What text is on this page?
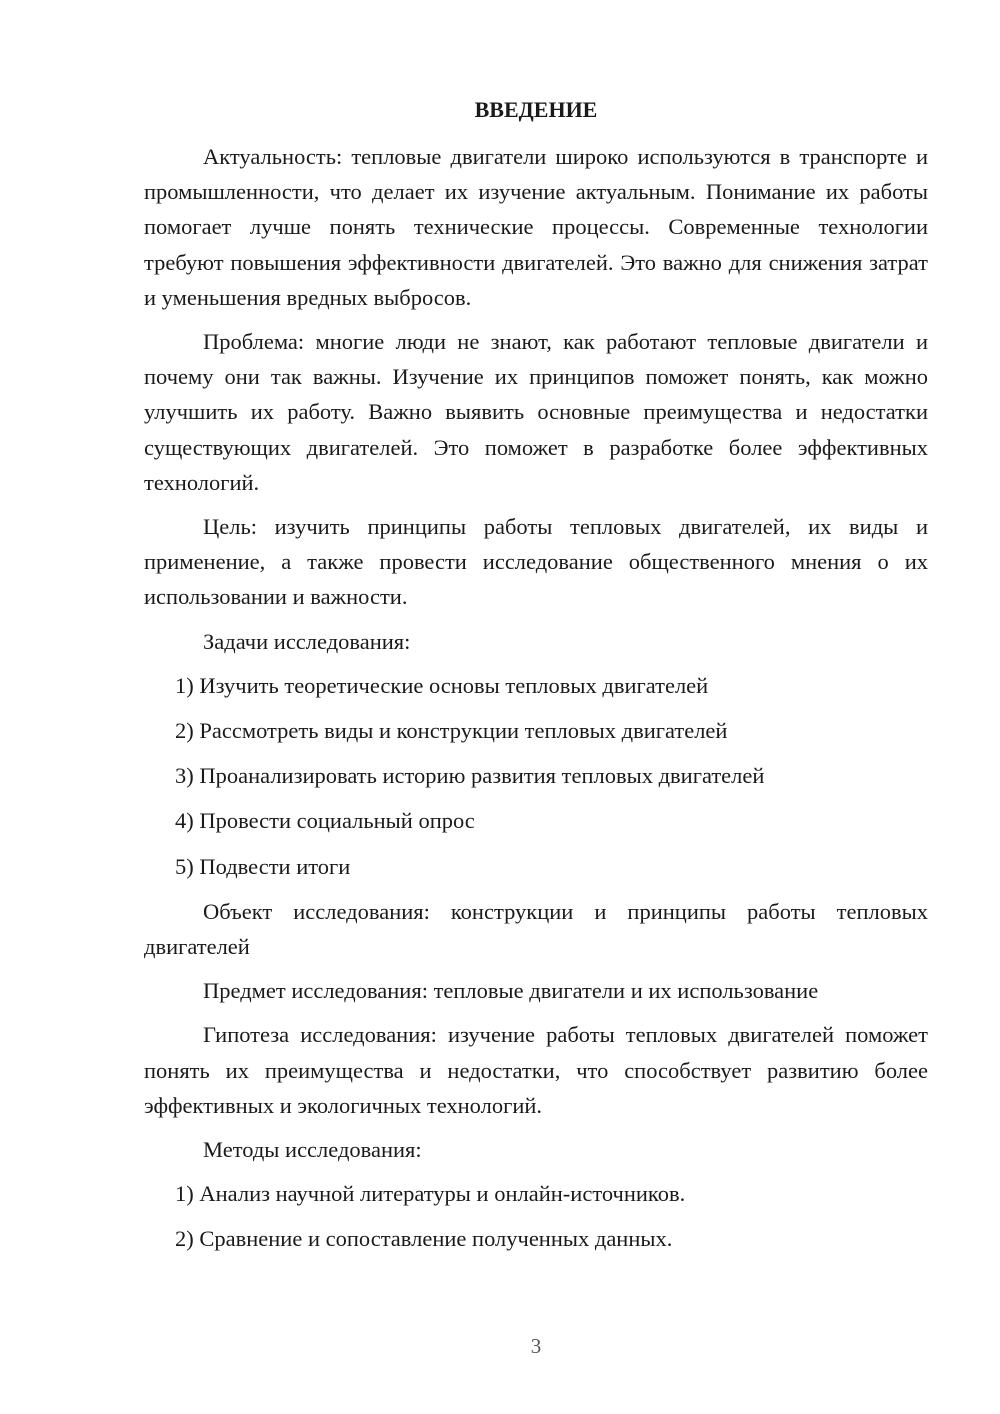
ВВЕДЕНИЕ

Актуальность: тепловые двигатели широко используются в транспорте и промышленности, что делает их изучение актуальным. Понимание их работы помогает лучше понять технические процессы. Современные технологии требуют повышения эффективности двигателей. Это важно для снижения затрат и уменьшения вредных выбросов.

Проблема: многие люди не знают, как работают тепловые двигатели и почему они так важны. Изучение их принципов поможет понять, как можно улучшить их работу. Важно выявить основные преимущества и недостатки существующих двигателей. Это поможет в разработке более эффективных технологий.

Цель: изучить принципы работы тепловых двигателей, их виды и применение, а также провести исследование общественного мнения о их использовании и важности.

Задачи исследования:

1) Изучить теоретические основы тепловых двигателей
2) Рассмотреть виды и конструкции тепловых двигателей
3) Проанализировать историю развития тепловых двигателей
4) Провести социальный опрос
5) Подвести итоги

Объект исследования: конструкции и принципы работы тепловых двигателей

Предмет исследования: тепловые двигатели и их использование

Гипотеза исследования: изучение работы тепловых двигателей поможет понять их преимущества и недостатки, что способствует развитию более эффективных и экологичных технологий.

Методы исследования:

1) Анализ научной литературы и онлайн-источников.
2) Сравнение и сопоставление полученных данных.
3
